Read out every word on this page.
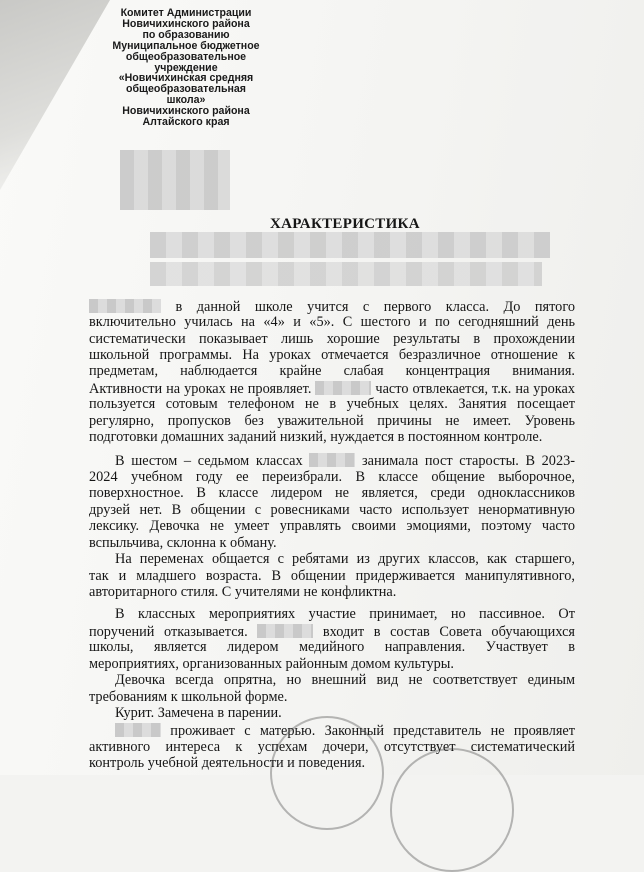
Комитет Администрации
Новичихинского района
по образованию
Муниципальное бюджетное
общеобразовательное
учреждение
«Новичихинская средняя
общеобразовательная
школа»
Новичихинского района
Алтайского края
ХАРАКТЕРИСТИКА
в данной школе учится с первого класса. До пятого
включительно училась на «4» и «5». С шестого и по сегодняшний день
систематически показывает лишь хорошие результаты в прохождении
школьной программы. На уроках отмечается безразличное отношение к
предметам, наблюдается крайне слабая концентрация внимания.
Активности на уроках не проявляет.	часто отвлекается, т.к. на уроках
пользуется сотовым телефоном не в учебных целях. Занятия посещает
регулярно, пропусков без уважительной причины не имеет. Уровень
подготовки домашних заданий низкий, нуждается в постоянном контроле.
В шестом – седьмом классах	занимала пост старосты. В 2023-
2024 учебном году ее переизбрали. В классе общение выборочное,
поверхностное. В классе лидером не является, среди одноклассников
друзей нет. В общении с ровесниками часто использует ненормативную
лексику. Девочка не умеет управлять своими эмоциями, поэтому часто
вспыльчива, склонна к обману.
На переменах общается с ребятами из других классов, как старшего,
так и младшего возраста. В общении придерживается манипулятивного,
авторитарного стиля. С учителями не конфликтна.
В классных мероприятиях участие принимает, но пассивное. От
поручений отказывается.	входит в состав Совета обучающихся
школы, является лидером медийного направления. Участвует в
мероприятиях, организованных районным домом культуры.
Девочка всегда опрятна, но внешний вид не соответствует единым
требованиям к школьной форме.
Курит. Замечена в парении.
проживает с матерью. Законный представитель не проявляет
активного интереса к успехам дочери, отсутствует систематический
контроль учебной деятельности и поведения.
